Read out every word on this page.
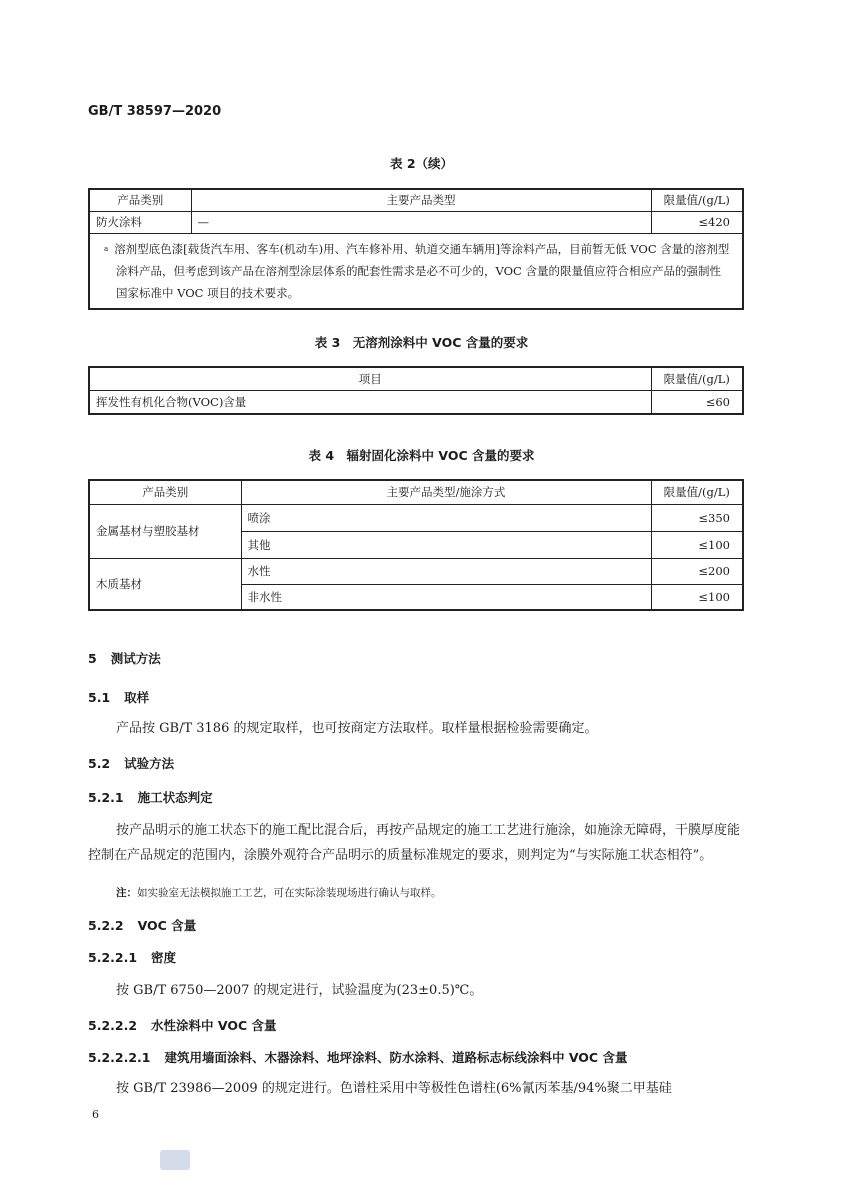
GB/T 38597—2020
表 2（续）
产品类别	主要产品类型	限量值/(g/L)
防火涂料	—	≤420
$^a$ 溶剂型底色漆[载货汽车用、客车(机动车)用、汽车修补用、轨道交通车辆用]等涂料产品，目前暂无低 VOC 含量的溶剂型涂料产品，但考虑到该产品在溶剂型涂层体系的配套性需求是必不可少的，VOC 含量的限量值应符合相应产品的强制性国家标准中 VOC 项目的技术要求。		
表 3　无溶剂涂料中 VOC 含量的要求
项目	限量值/(g/L)
挥发性有机化合物(VOC)含量	≤60
表 4　辐射固化涂料中 VOC 含量的要求
产品类别	主要产品类型/施涂方式	限量值/(g/L)
金属基材与塑胶基材	喷涂	≤350
	其他	≤100
木质基材	水性	≤200
	非水性	≤100
5 测试方法
5.1 取样
产品按 GB/T 3186 的规定取样，也可按商定方法取样。取样量根据检验需要确定。
5.2 试验方法
5.2.1 施工状态判定
按产品明示的施工状态下的施工配比混合后，再按产品规定的施工工艺进行施涂，如施涂无障碍，干膜厚度能控制在产品规定的范围内，涂膜外观符合产品明示的质量标准规定的要求，则判定为“与实际施工状态相符”。
注：如实验室无法模拟施工工艺，可在实际涂装现场进行确认与取样。
5.2.2 VOC 含量
5.2.2.1 密度
按 GB/T 6750—2007 的规定进行，试验温度为(23±0.5)℃。
5.2.2.2 水性涂料中 VOC 含量
5.2.2.2.1 建筑用墙面涂料、木器涂料、地坪涂料、防水涂料、道路标志标线涂料中 VOC 含量
按 GB/T 23986—2009 的规定进行。色谱柱采用中等极性色谱柱(6%氰丙苯基/94%聚二甲基硅
6
